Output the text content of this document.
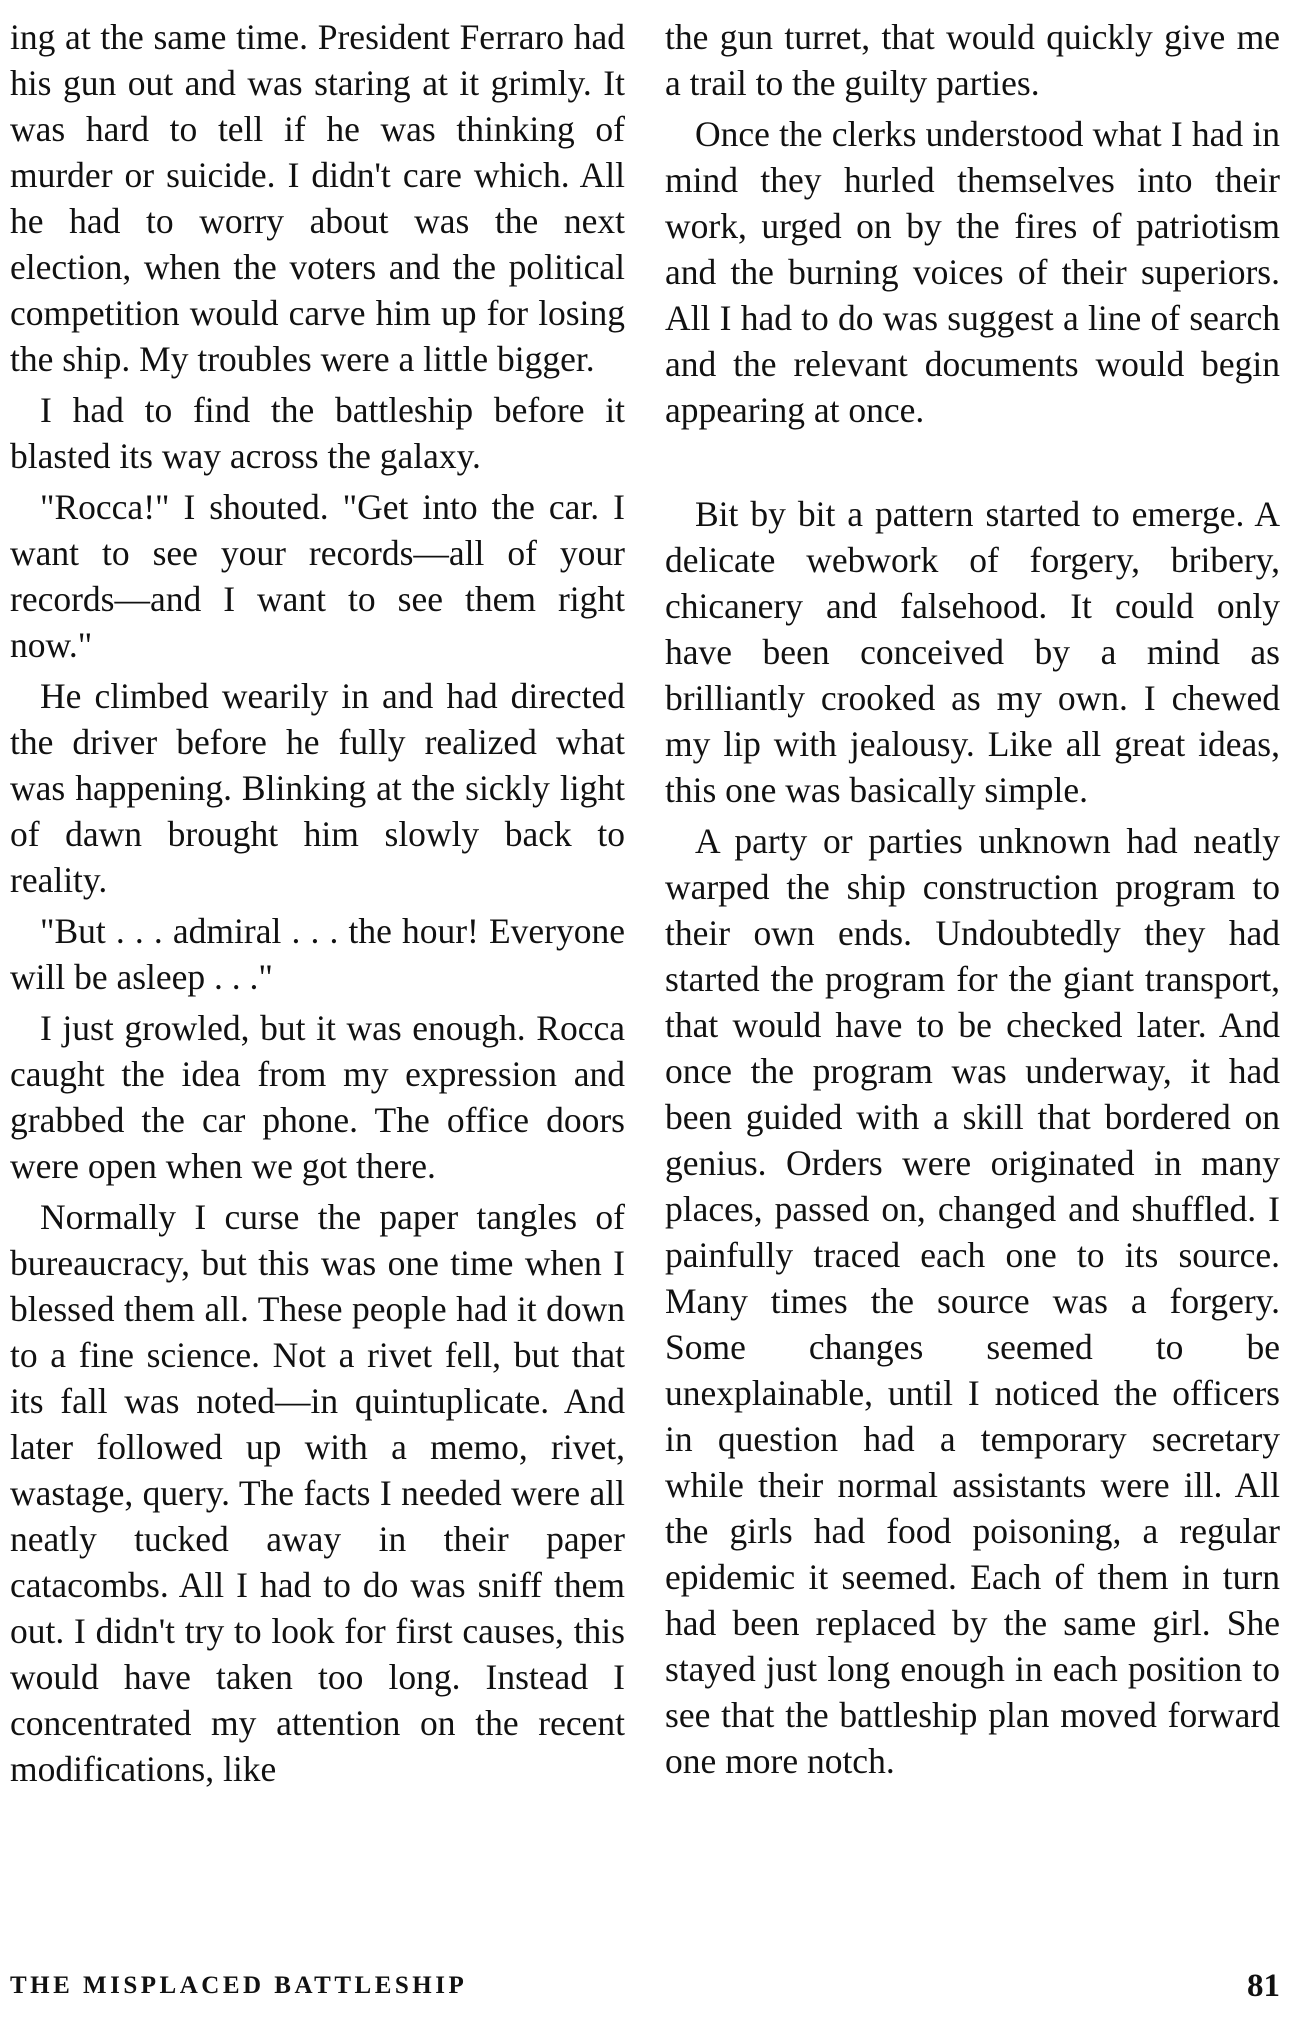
ing at the same time. President Ferraro had his gun out and was staring at it grimly. It was hard to tell if he was thinking of murder or suicide. I didn't care which. All he had to worry about was the next election, when the voters and the political competition would carve him up for losing the ship. My troubles were a little bigger.

I had to find the battleship before it blasted its way across the galaxy.

"Rocca!" I shouted. "Get into the car. I want to see your records—all of your records—and I want to see them right now."

He climbed wearily in and had directed the driver before he fully realized what was happening. Blinking at the sickly light of dawn brought him slowly back to reality.

"But . . . admiral . . . the hour! Everyone will be asleep . . ."

I just growled, but it was enough. Rocca caught the idea from my expression and grabbed the car phone. The office doors were open when we got there.

Normally I curse the paper tangles of bureaucracy, but this was one time when I blessed them all. These people had it down to a fine science. Not a rivet fell, but that its fall was noted—in quintuplicate. And later followed up with a memo, rivet, wastage, query. The facts I needed were all neatly tucked away in their paper catacombs. All I had to do was sniff them out. I didn't try to look for first causes, this would have taken too long. Instead I concentrated my attention on the recent modifications, like

the gun turret, that would quickly give me a trail to the guilty parties.

Once the clerks understood what I had in mind they hurled themselves into their work, urged on by the fires of patriotism and the burning voices of their superiors. All I had to do was suggest a line of search and the relevant documents would begin appearing at once.

Bit by bit a pattern started to emerge. A delicate webwork of forgery, bribery, chicanery and falsehood. It could only have been conceived by a mind as brilliantly crooked as my own. I chewed my lip with jealousy. Like all great ideas, this one was basically simple.

A party or parties unknown had neatly warped the ship construction program to their own ends. Undoubtedly they had started the program for the giant transport, that would have to be checked later. And once the program was underway, it had been guided with a skill that bordered on genius. Orders were originated in many places, passed on, changed and shuffled. I painfully traced each one to its source. Many times the source was a forgery. Some changes seemed to be unexplainable, until I noticed the officers in question had a temporary secretary while their normal assistants were ill. All the girls had food poisoning, a regular epidemic it seemed. Each of them in turn had been replaced by the same girl. She stayed just long enough in each position to see that the battleship plan moved forward one more notch.

THE MISPLACED BATTLESHIP	81
